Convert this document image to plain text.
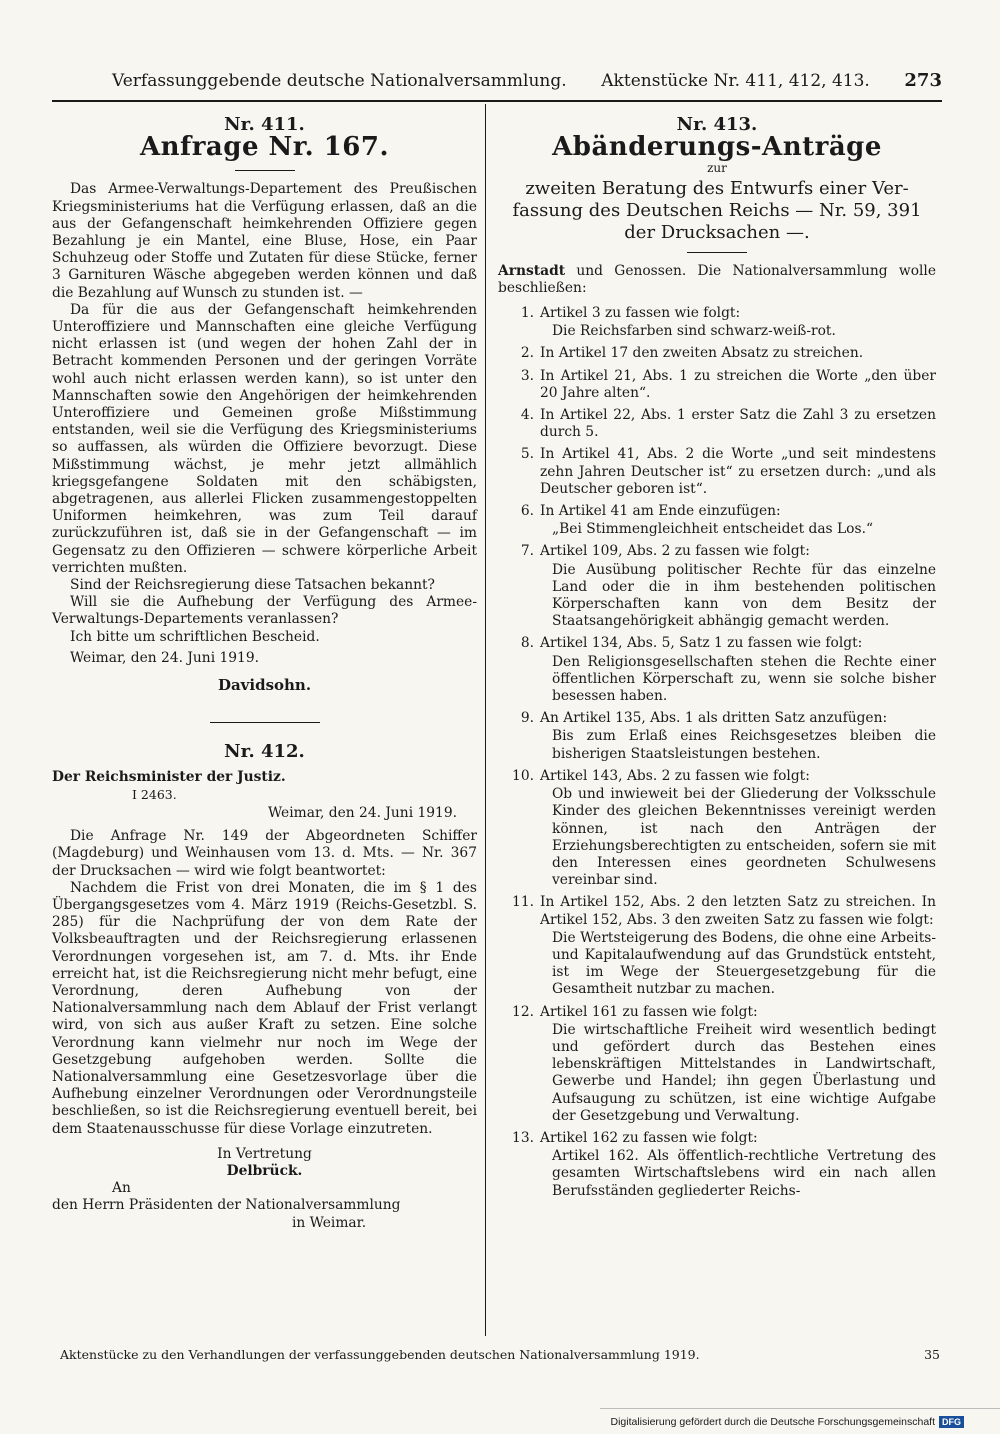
Verfassunggebende deutsche Nationalversammlung. Aktenstücke Nr. 411, 412, 413. 273
Nr. 411.
Anfrage Nr. 167.

Das Armee-Verwaltungs-Departement des Preußischen Kriegsministeriums hat die Verfügung erlassen, daß an die aus der Gefangenschaft heimkehrenden Offiziere gegen Bezahlung je ein Mantel, eine Bluse, Hose, ein Paar Schuhzeug oder Stoffe und Zutaten für diese Stücke, ferner 3 Garnituren Wäsche abgegeben werden können und daß die Bezahlung auf Wunsch zu stunden ist. —

Da für die aus der Gefangenschaft heimkehrenden Unteroffiziere und Mannschaften eine gleiche Verfügung nicht erlassen ist (und wegen der hohen Zahl der in Betracht kommenden Personen und der geringen Vorräte wohl auch nicht erlassen werden kann), so ist unter den Mannschaften sowie den Angehörigen der heimkehrenden Unteroffiziere und Gemeinen große Mißstimmung entstanden, weil sie die Verfügung des Kriegsministeriums so auffassen, als würden die Offiziere bevorzugt. Diese Mißstimmung wächst, je mehr jetzt allmählich kriegsgefangene Soldaten mit den schäbigsten, abgetragenen, aus allerlei Flicken zusammengestoppelten Uniformen heimkehren, was zum Teil darauf zurückzuführen ist, daß sie in der Gefangenschaft — im Gegensatz zu den Offizieren — schwere körperliche Arbeit verrichten mußten.

Sind der Reichsregierung diese Tatsachen bekannt?

Will sie die Aufhebung der Verfügung des Armee-Verwaltungs-Departements veranlassen?

Ich bitte um schriftlichen Bescheid.

Weimar, den 24. Juni 1919.

Davidsohn.
Nr. 412.
Der Reichsminister der Justiz.
I 2463.
Weimar, den 24. Juni 1919.

Die Anfrage Nr. 149 der Abgeordneten Schiffer (Magdeburg) und Weinhausen vom 13. d. Mts. — Nr. 367 der Drucksachen — wird wie folgt beantwortet:

Nachdem die Frist von drei Monaten, die im § 1 des Übergangsgesetzes vom 4. März 1919 (Reichs-Gesetzbl. S. 285) für die Nachprüfung der von dem Rate der Volksbeauftragten und der Reichsregierung erlassenen Verordnungen vorgesehen ist, am 7. d. Mts. ihr Ende erreicht hat, ist die Reichsregierung nicht mehr befugt, eine Verordnung, deren Aufhebung von der Nationalversammlung nach dem Ablauf der Frist verlangt wird, von sich aus außer Kraft zu setzen. Eine solche Verordnung kann vielmehr nur noch im Wege der Gesetzgebung aufgehoben werden. Sollte die Nationalversammlung eine Gesetzesvorlage über die Aufhebung einzelner Verordnungen oder Verordnungsteile beschließen, so ist die Reichsregierung eventuell bereit, bei dem Staatenausschusse für diese Vorlage einzutreten.

In Vertretung
Delbrück.
An
den Herrn Präsidenten der Nationalversammlung
in Weimar.
Nr. 413.
Abänderungs-Anträge
zur

zweiten Beratung des Entwurfs einer Ver-

fassung des Deutschen Reichs — Nr. 59, 391

der Drucksachen —.

Arnstadt und Genossen. Die Nationalversammlung wolle beschließen:

1. Artikel 3 zu fassen wie folgt:
Die Reichsfarben sind schwarz-weiß-rot.
2. In Artikel 17 den zweiten Absatz zu streichen.
3. In Artikel 21, Abs. 1 zu streichen die Worte „den über 20 Jahre alten“.
4. In Artikel 22, Abs. 1 erster Satz die Zahl 3 zu ersetzen durch 5.
5. In Artikel 41, Abs. 2 die Worte „und seit mindestens zehn Jahren Deutscher ist“ zu ersetzen durch: „und als Deutscher geboren ist“.
6. In Artikel 41 am Ende einzufügen:
„Bei Stimmengleichheit entscheidet das Los.“
7. Artikel 109, Abs. 2 zu fassen wie folgt:
Die Ausübung politischer Rechte für das einzelne Land oder die in ihm bestehenden politischen Körperschaften kann von dem Besitz der Staatsangehörigkeit abhängig gemacht werden.
8. Artikel 134, Abs. 5, Satz 1 zu fassen wie folgt:
Den Religionsgesellschaften stehen die Rechte einer öffentlichen Körperschaft zu, wenn sie solche bisher besessen haben.
9. An Artikel 135, Abs. 1 als dritten Satz anzufügen:
Bis zum Erlaß eines Reichsgesetzes bleiben die bisherigen Staatsleistungen bestehen.
10. Artikel 143, Abs. 2 zu fassen wie folgt:
Ob und inwieweit bei der Gliederung der Volksschule Kinder des gleichen Bekenntnisses vereinigt werden können, ist nach den Anträgen der Erziehungsberechtigten zu entscheiden, sofern sie mit den Interessen eines geordneten Schulwesens vereinbar sind.
11. In Artikel 152, Abs. 2 den letzten Satz zu streichen. In Artikel 152, Abs. 3 den zweiten Satz zu fassen wie folgt:
Die Wertsteigerung des Bodens, die ohne eine Arbeits- und Kapitalaufwendung auf das Grundstück entsteht, ist im Wege der Steuergesetzgebung für die Gesamtheit nutzbar zu machen.
12. Artikel 161 zu fassen wie folgt:
Die wirtschaftliche Freiheit wird wesentlich bedingt und gefördert durch das Bestehen eines lebenskräftigen Mittelstandes in Landwirtschaft, Gewerbe und Handel; ihn gegen Überlastung und Aufsaugung zu schützen, ist eine wichtige Aufgabe der Gesetzgebung und Verwaltung.
13. Artikel 162 zu fassen wie folgt:
Artikel 162. Als öffentlich-rechtliche Vertretung des gesamten Wirtschaftslebens wird ein nach allen Berufsständen gegliederter Reichs-
Aktenstücke zu den Verhandlungen der verfassunggebenden deutschen Nationalversammlung 1919.	35
Digitalisierung gefördert durch die Deutsche Forschungsgemeinschaft DFG
